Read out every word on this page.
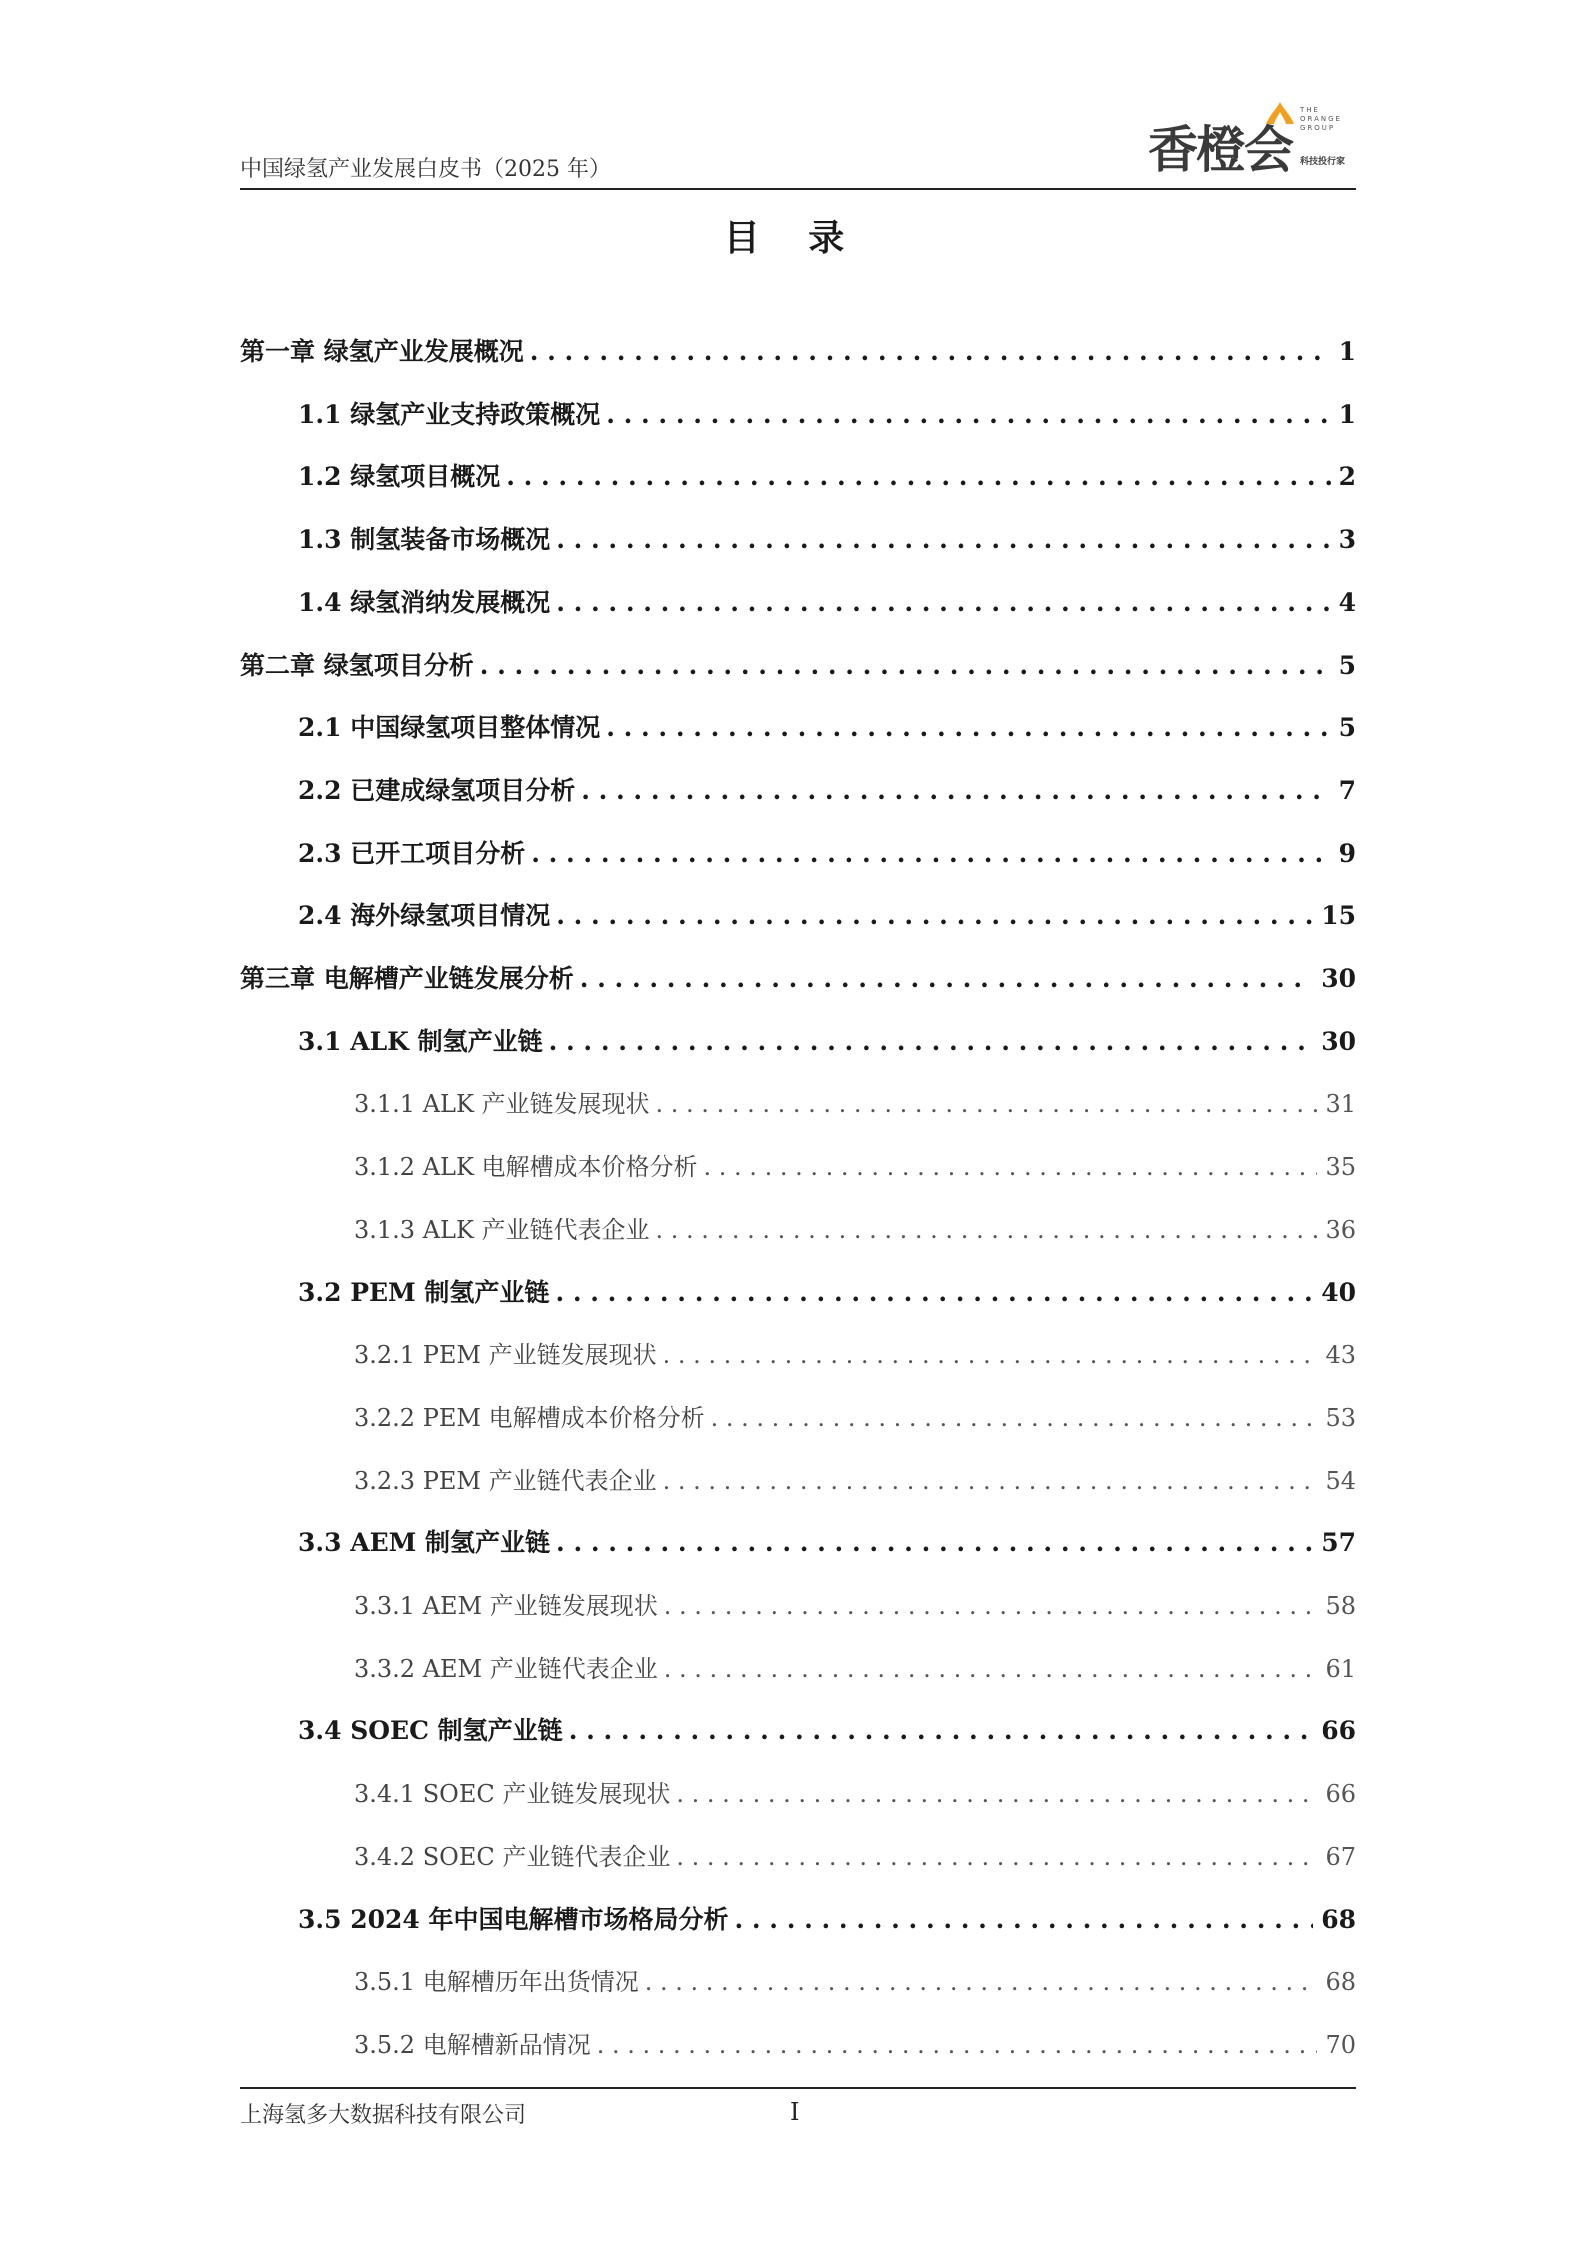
中国绿氢产业发展白皮书（2025 年）	香橙会
THE ORANGE GROUP
科技投行家
目 录
第一章 绿氢产业发展概况 . . .	1
1.1 绿氢产业支持政策概况 . . .	1
1.2 绿氢项目概况 . . .	2
1.3 制氢装备市场概况 . . .	3
1.4 绿氢消纳发展概况 . . .	4
第二章 绿氢项目分析 . . .	5
2.1 中国绿氢项目整体情况 . . .	5
2.2 已建成绿氢项目分析 . . .	7
2.3 已开工项目分析 . . .	9
2.4 海外绿氢项目情况 . . .	15
第三章 电解槽产业链发展分析 . . .	30
3.1 ALK 制氢产业链 . . .	30
3.1.1 ALK 产业链发展现状 . . .	31
3.1.2 ALK 电解槽成本价格分析 . . .	35
3.1.3 ALK 产业链代表企业 . . .	36
3.2 PEM 制氢产业链 . . .	40
3.2.1 PEM 产业链发展现状 . . .	43
3.2.2 PEM 电解槽成本价格分析 . . .	53
3.2.3 PEM 产业链代表企业 . . .	54
3.3 AEM 制氢产业链 . . .	57
3.3.1 AEM 产业链发展现状 . . .	58
3.3.2 AEM 产业链代表企业 . . .	61
3.4 SOEC 制氢产业链 . . .	66
3.4.1 SOEC 产业链发展现状 . . .	66
3.4.2 SOEC 产业链代表企业 . . .	67
3.5 2024 年中国电解槽市场格局分析 . . .	68
3.5.1 电解槽历年出货情况 . . .	68
3.5.2 电解槽新品情况 . . .	70
上海氢多大数据科技有限公司	I
